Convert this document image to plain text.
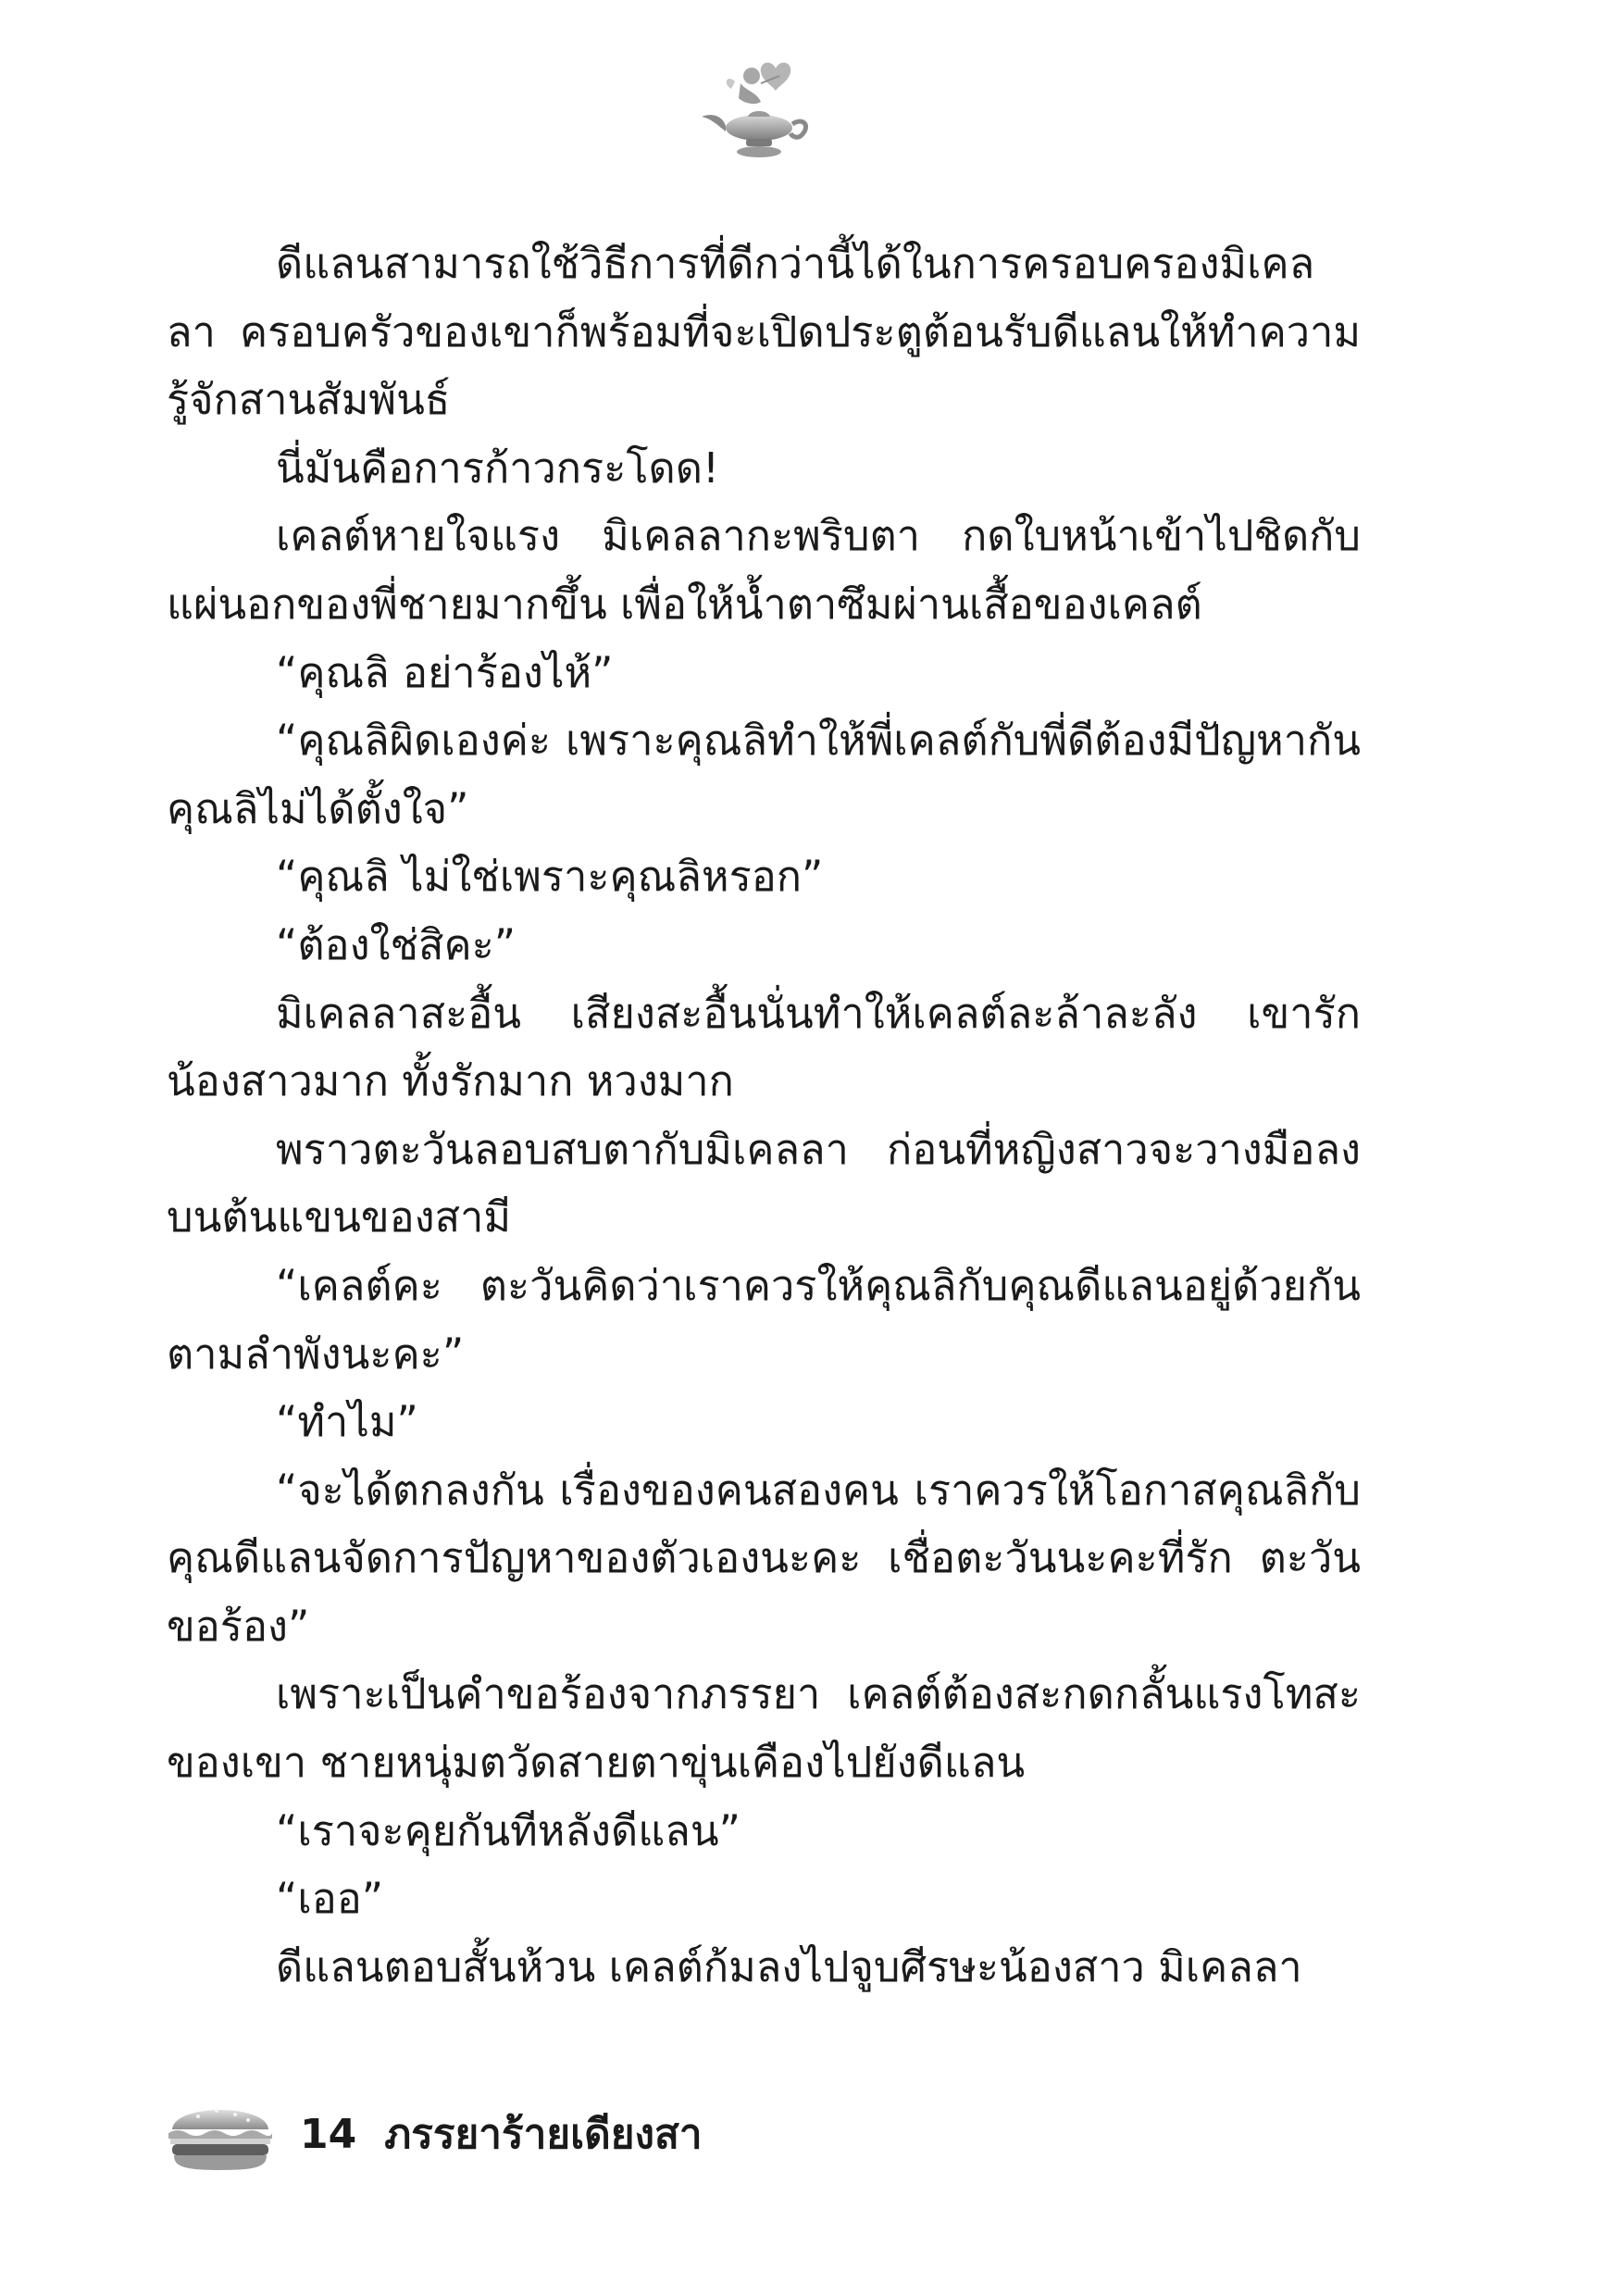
ดีแลนสามารถใช้วิธีการที่ดีกว่านี้ได้ในการครอบครองมิเคลลา ครอบครัวของเขาก็พร้อมที่จะเปิดประตูต้อนรับดีแลนให้ทำความรู้จักสานสัมพันธ์

นี่มันคือการก้าวกระโดด!

เคลต์หายใจแรง มิเคลลากะพริบตา กดใบหน้าเข้าไปชิดกับแผ่นอกของพี่ชายมากขึ้น เพื่อให้น้ำตาซึมผ่านเสื้อของเคลต์

“คุณลิ อย่าร้องไห้”

“คุณลิผิดเองค่ะ เพราะคุณลิทำให้พี่เคลต์กับพี่ดีต้องมีปัญหากันคุณลิไม่ได้ตั้งใจ”

“คุณลิ ไม่ใช่เพราะคุณลิหรอก”

“ต้องใช่สิคะ”

มิเคลลาสะอื้น เสียงสะอื้นนั่นทำให้เคลต์ละล้าละลัง เขารักน้องสาวมาก ทั้งรักมาก หวงมาก

พราวตะวันลอบสบตากับมิเคลลา ก่อนที่หญิงสาวจะวางมือลงบนต้นแขนของสามี

“เคลต์คะ ตะวันคิดว่าเราควรให้คุณลิกับคุณดีแลนอยู่ด้วยกันตามลำพังนะคะ”

“ทำไม”

“จะได้ตกลงกัน เรื่องของคนสองคน เราควรให้โอกาสคุณลิกับคุณดีแลนจัดการปัญหาของตัวเองนะคะ เชื่อตะวันนะคะที่รัก ตะวันขอร้อง”

เพราะเป็นคำขอร้องจากภรรยา เคลต์ต้องสะกดกลั้นแรงโทสะของเขา ชายหนุ่มตวัดสายตาขุ่นเคืองไปยังดีแลน

“เราจะคุยกันทีหลังดีแลน”

“เออ”

ดีแลนตอบสั้นห้วน เคลต์ก้มลงไปจูบศีรษะน้องสาว มิเคลลา

14 ภรรยาร้ายเดียงสา
